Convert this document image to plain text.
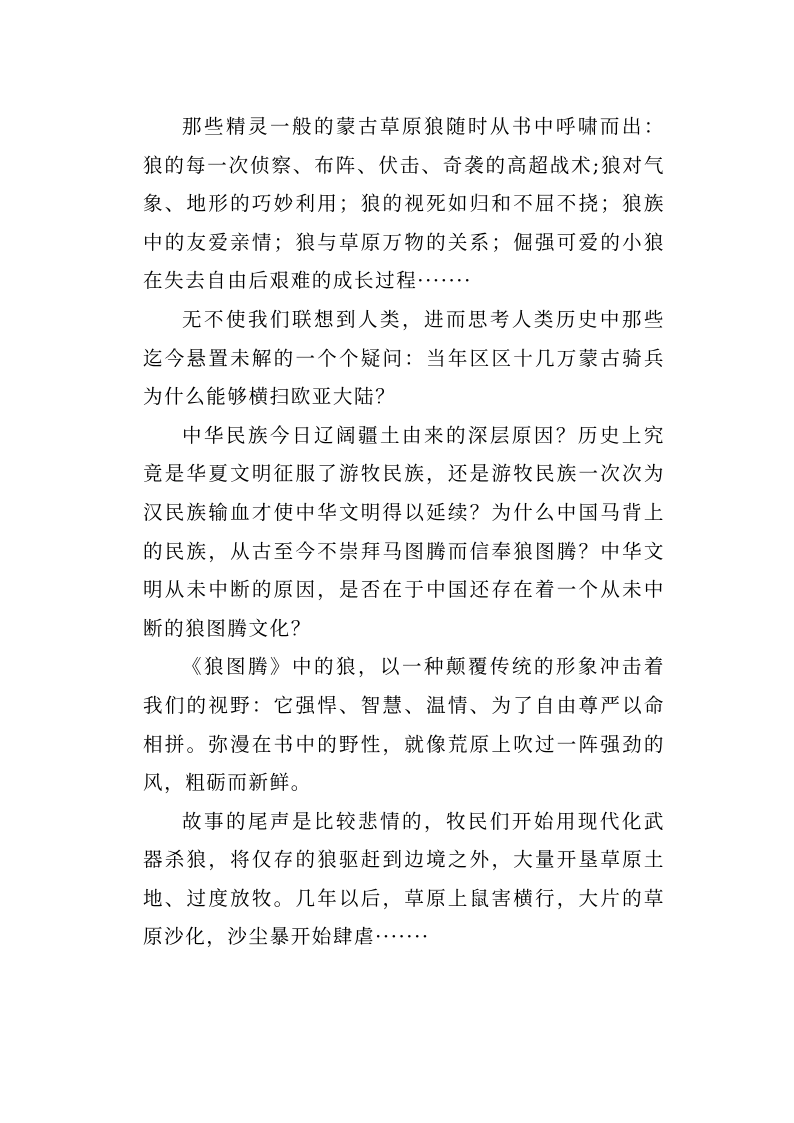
那些精灵一般的蒙古草原狼随时从书中呼啸而出：狼的每一次侦察、布阵、伏击、奇袭的高超战术;狼对气象、地形的巧妙利用；狼的视死如归和不屈不挠；狼族中的友爱亲情；狼与草原万物的关系；倔强可爱的小狼在失去自由后艰难的成长过程·······

无不使我们联想到人类，进而思考人类历史中那些迄今悬置未解的一个个疑问：当年区区十几万蒙古骑兵为什么能够横扫欧亚大陆？

中华民族今日辽阔疆土由来的深层原因？历史上究竟是华夏文明征服了游牧民族，还是游牧民族一次次为汉民族输血才使中华文明得以延续？为什么中国马背上的民族，从古至今不崇拜马图腾而信奉狼图腾？中华文明从未中断的原因，是否在于中国还存在着一个从未中断的狼图腾文化？

《狼图腾》中的狼，以一种颠覆传统的形象冲击着我们的视野：它强悍、智慧、温情、为了自由尊严以命相拼。弥漫在书中的野性，就像荒原上吹过一阵强劲的风，粗砺而新鲜。

故事的尾声是比较悲情的，牧民们开始用现代化武器杀狼，将仅存的狼驱赶到边境之外，大量开垦草原土地、过度放牧。几年以后，草原上鼠害横行，大片的草原沙化，沙尘暴开始肆虐·······
